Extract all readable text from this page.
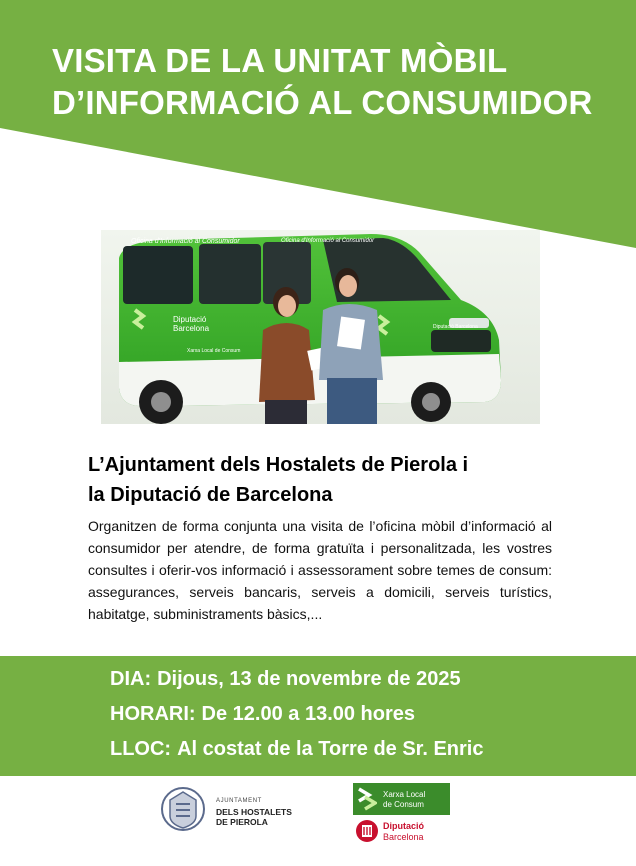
VISITA DE LA UNITAT MÒBIL
D’INFORMACIÓ AL CONSUMIDOR
Oficina d'Informació al Consumidor	Oficina d'Informació al Consumidor
Diputació
Barcelona
Xarxa Local de Consum
Diputació Barcelona
L’Ajuntament dels Hostalets de Pierola i
la Diputació de Barcelona

Organitzen de forma conjunta una visita de l’oficina mòbil d’informació al consumidor per atendre, de forma gratuïta i personalitzada, les vostres consultes i oferir-vos informació i assessorament sobre temes de consum: assegurances, serveis bancaris, serveis a domicili, serveis turístics, habitatge, subministraments bàsics,...

DIA: Dijous, 13 de novembre de 2025
HORARI: De 12.00 a 13.00 hores
LLOC: Al costat de la Torre de Sr. Enric
AJUNTAMENT
DELS HOSTALETS
DE PIEROLA
Xarxa Local
de Consum
Diputació
Barcelona
